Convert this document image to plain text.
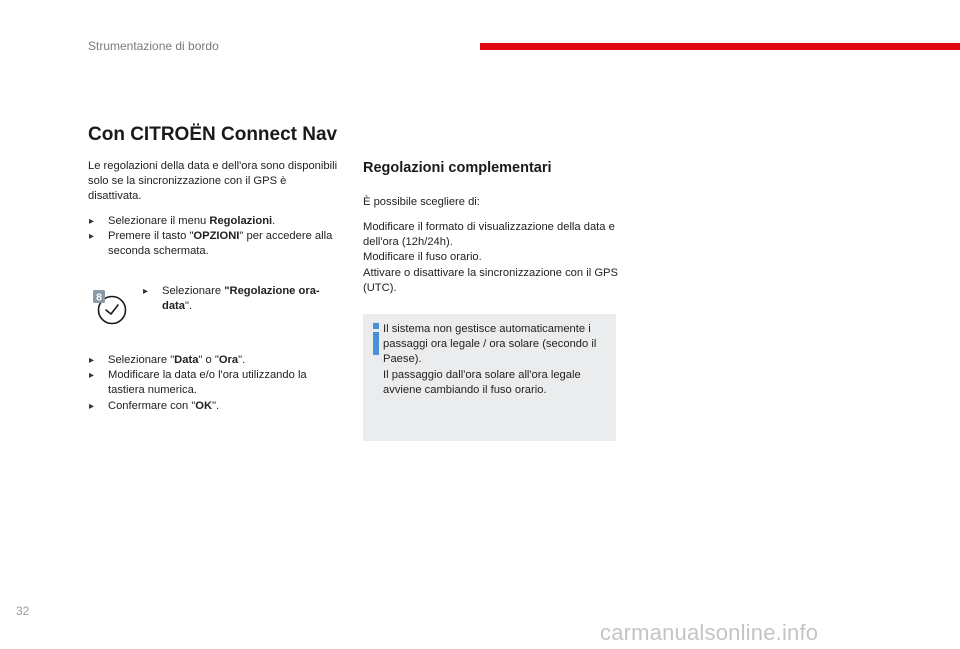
Strumentazione di bordo
Con CITROËN Connect Nav
Le regolazioni della data e dell'ora sono disponibili solo se la sincronizzazione con il GPS è disattivata.
▸ Selezionare il menu Regolazioni.
▸ Premere il tasto "OPZIONI" per accedere alla seconda schermata.
8	▸ Selezionare "Regolazione ora-data".
▸ Selezionare "Data" o "Ora".
▸ Modificare la data e/o l'ora utilizzando la tastiera numerica.
▸ Confermare con "OK".
Regolazioni complementari
È possibile scegliere di:
Modificare il formato di visualizzazione della data e dell'ora (12h/24h).
Modificare il fuso orario.
Attivare o disattivare la sincronizzazione con il GPS (UTC).
Il sistema non gestisce automaticamente i passaggi ora legale / ora solare (secondo il Paese).
Il passaggio dall'ora solare all'ora legale avviene cambiando il fuso orario.
32
carmanualsonline.info
